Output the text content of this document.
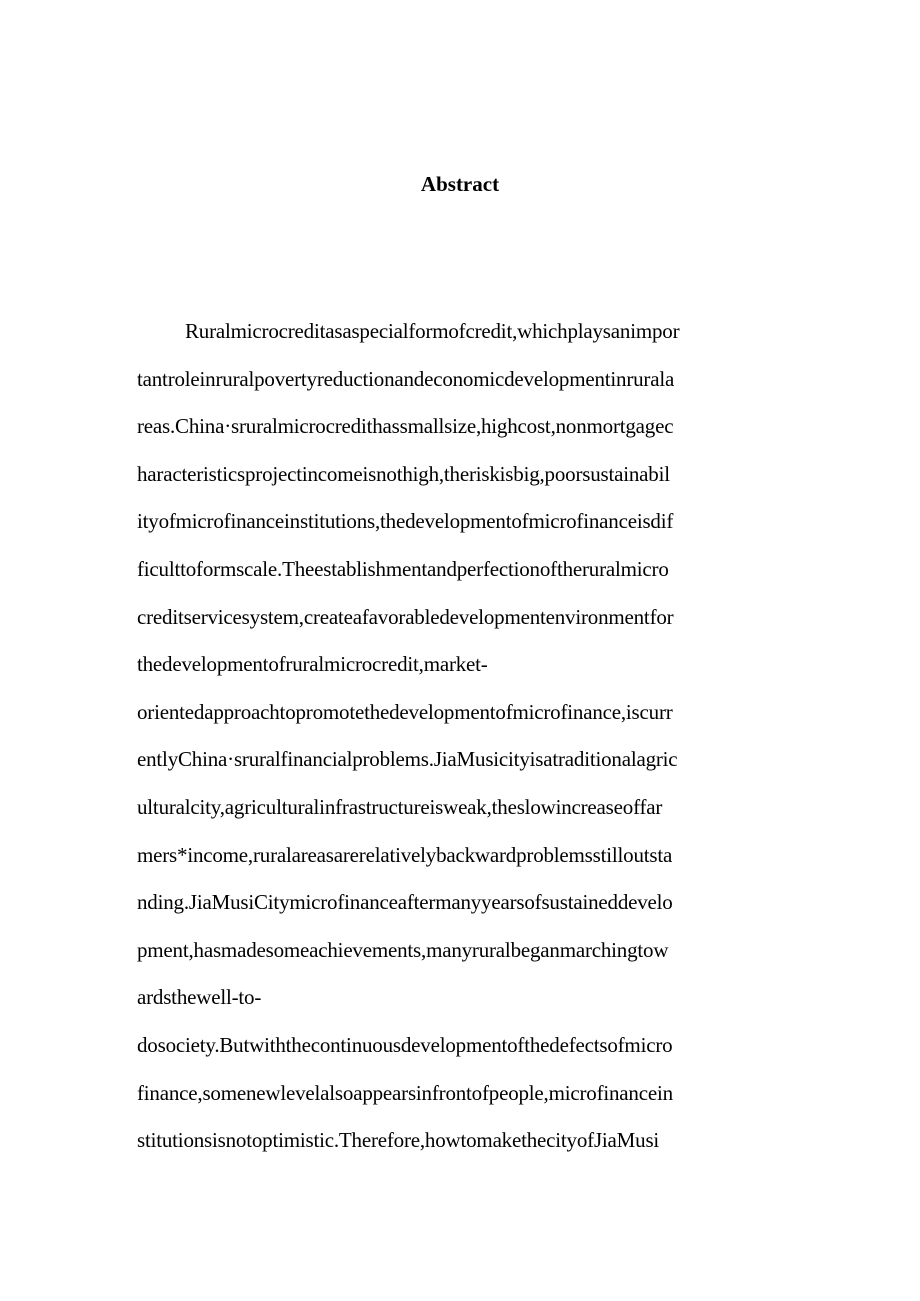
Abstract
Ruralmicrocreditasaspecialformofcredit,whichplaysanimpor
tantroleinruralpovertyreductionandeconomicdevelopmentinrurala
reas.China·sruralmicrocredithassmallsize,highcost,nonmortgagec
haracteristicsprojectincomeisnothigh,theriskisbig,poorsustainabil
ityofmicrofinanceinstitutions,thedevelopmentofmicrofinanceisdif
ficulttoformscale.Theestablishmentandperfectionoftheruralmicro
creditservicesystem,createafavorabledevelopmentenvironmentfor
thedevelopmentofruralmicrocredit,market-
orientedapproachtopromotethedevelopmentofmicrofinance,iscurr
entlyChina·sruralfinancialproblems.JiaMusicityisatraditionalagric
ulturalcity,agriculturalinfrastructureisweak,theslowincreaseoffar
mers*income,ruralareasarerelativelybackwardproblemsstilloutsta
nding.JiaMusiCitymicrofinanceaftermanyyearsofsustaineddevelo
pment,hasmadesomeachievements,manyruralbeganmarchingtow
ardsthewell-to-
dosociety.Butwiththecontinuousdevelopmentofthedefectsofmicro
finance,somenewlevelalsoappearsinfrontofpeople,microfinancein
stitutionsisnotoptimistic.Therefore,howtomakethecityofJiaMusi
